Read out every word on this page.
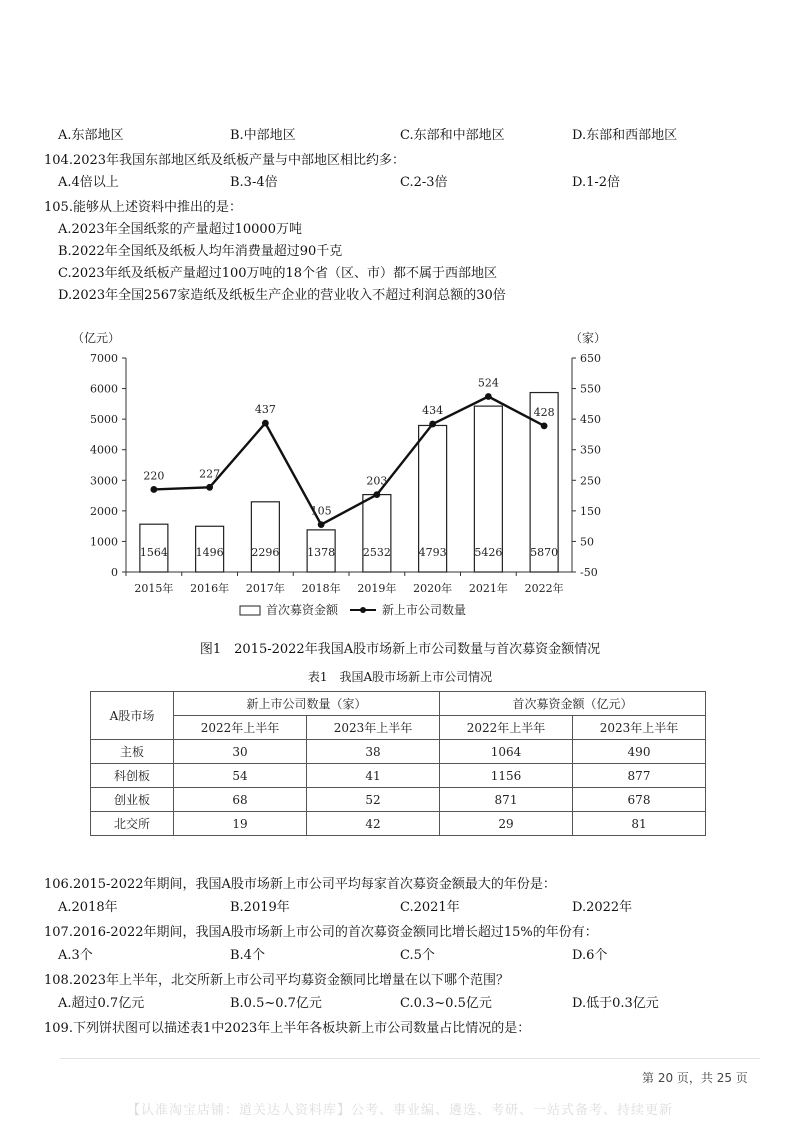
A.东部地区	B.中部地区	C.东部和中部地区	D.东部和西部地区
104.2023年我国东部地区纸及纸板产量与中部地区相比约多：
A.4倍以上	B.3-4倍	C.2-3倍	D.1-2倍
105.能够从上述资料中推出的是：
A.2023年全国纸浆的产量超过10000万吨
B.2022年全国纸及纸板人均年消费量超过90千克
C.2023年纸及纸板产量超过100万吨的18个省（区、市）都不属于西部地区
D.2023年全国2567家造纸及纸板生产企业的营业收入不超过利润总额的30倍
（亿元）	（家）
0
1000
2000
3000
4000
5000
6000
7000
-50
50
150
250
350
450
550
650
2015年 2016年 2017年 2018年 2019年 2020年 2021年 2022年
1564	1496	2296	1378	2532	4793	5426	5870
220	227
437
105
203
434
524
428
首次募资金额	新上市公司数量
图1　2015-2022年我国A股市场新上市公司数量与首次募资金额情况
表1　我国A股市场新上市公司情况
A股市场	新上市公司数量（家）		首次募资金额（亿元）	
	2022年上半年	2023年上半年	2022年上半年	2023年上半年
主板	30	38	1064	490
科创板	54	41	1156	877
创业板	68	52	871	678
北交所	19	42	29	81
106.2015-2022年期间，我国A股市场新上市公司平均每家首次募资金额最大的年份是：
A.2018年	B.2019年	C.2021年	D.2022年
107.2016-2022年期间，我国A股市场新上市公司的首次募资金额同比增长超过15%的年份有：
A.3个	B.4个	C.5个	D.6个
108.2023年上半年，北交所新上市公司平均募资金额同比增量在以下哪个范围？
A.超过0.7亿元	B.0.5~0.7亿元	C.0.3~0.5亿元	D.低于0.3亿元
109.下列饼状图可以描述表1中2023年上半年各板块新上市公司数量占比情况的是：
第 20 页，共 25 页
【认准淘宝店铺：道关达人资料库】公考、事业编、遴选、考研、一站式备考、持续更新
